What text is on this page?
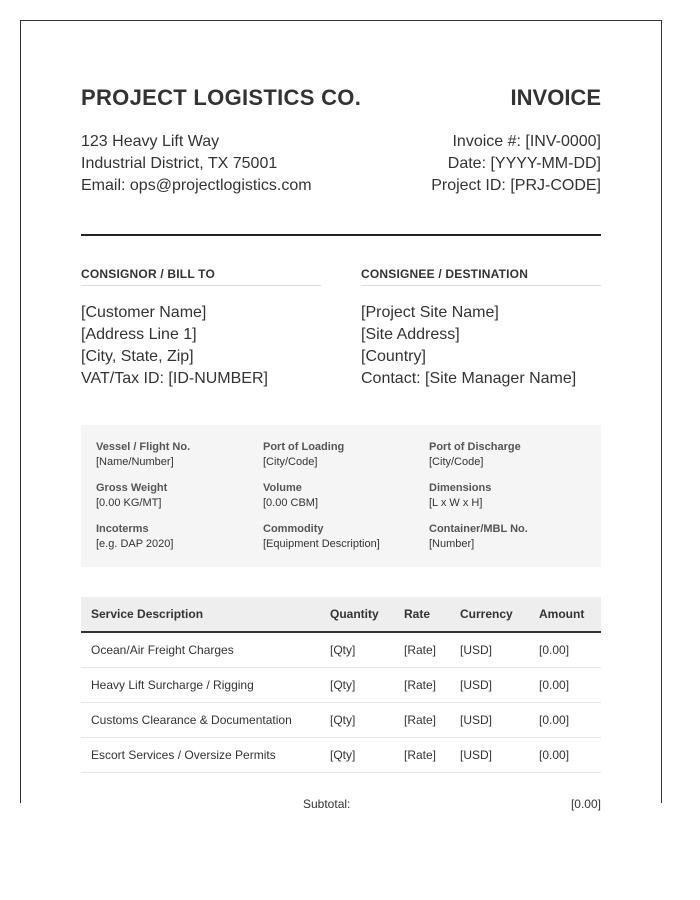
PROJECT LOGISTICS CO.	INVOICE
123 Heavy Lift Way
Industrial District, TX 75001
Email: ops@projectlogistics.com
Invoice #: [INV-0000]
Date: [YYYY-MM-DD]
Project ID: [PRJ-CODE]
CONSIGNOR / BILL TO
[Customer Name]
[Address Line 1]
[City, State, Zip]
VAT/Tax ID: [ID-NUMBER]
CONSIGNEE / DESTINATION
[Project Site Name]
[Site Address]
[Country]
Contact: [Site Manager Name]
Vessel / Flight No.
[Name/Number]
Port of Loading
[City/Code]
Port of Discharge
[City/Code]
Gross Weight
[0.00 KG/MT]
Volume
[0.00 CBM]
Dimensions
[L x W x H]
Incoterms
[e.g. DAP 2020]
Commodity
[Equipment Description]
Container/MBL No.
[Number]
Service Description	Quantity	Rate	Currency	Amount
Ocean/Air Freight Charges	[Qty]	[Rate]	[USD]	[0.00]
Heavy Lift Surcharge / Rigging	[Qty]	[Rate]	[USD]	[0.00]
Customs Clearance & Documentation	[Qty]	[Rate]	[USD]	[0.00]
Escort Services / Oversize Permits	[Qty]	[Rate]	[USD]	[0.00]
Subtotal:	[0.00]
